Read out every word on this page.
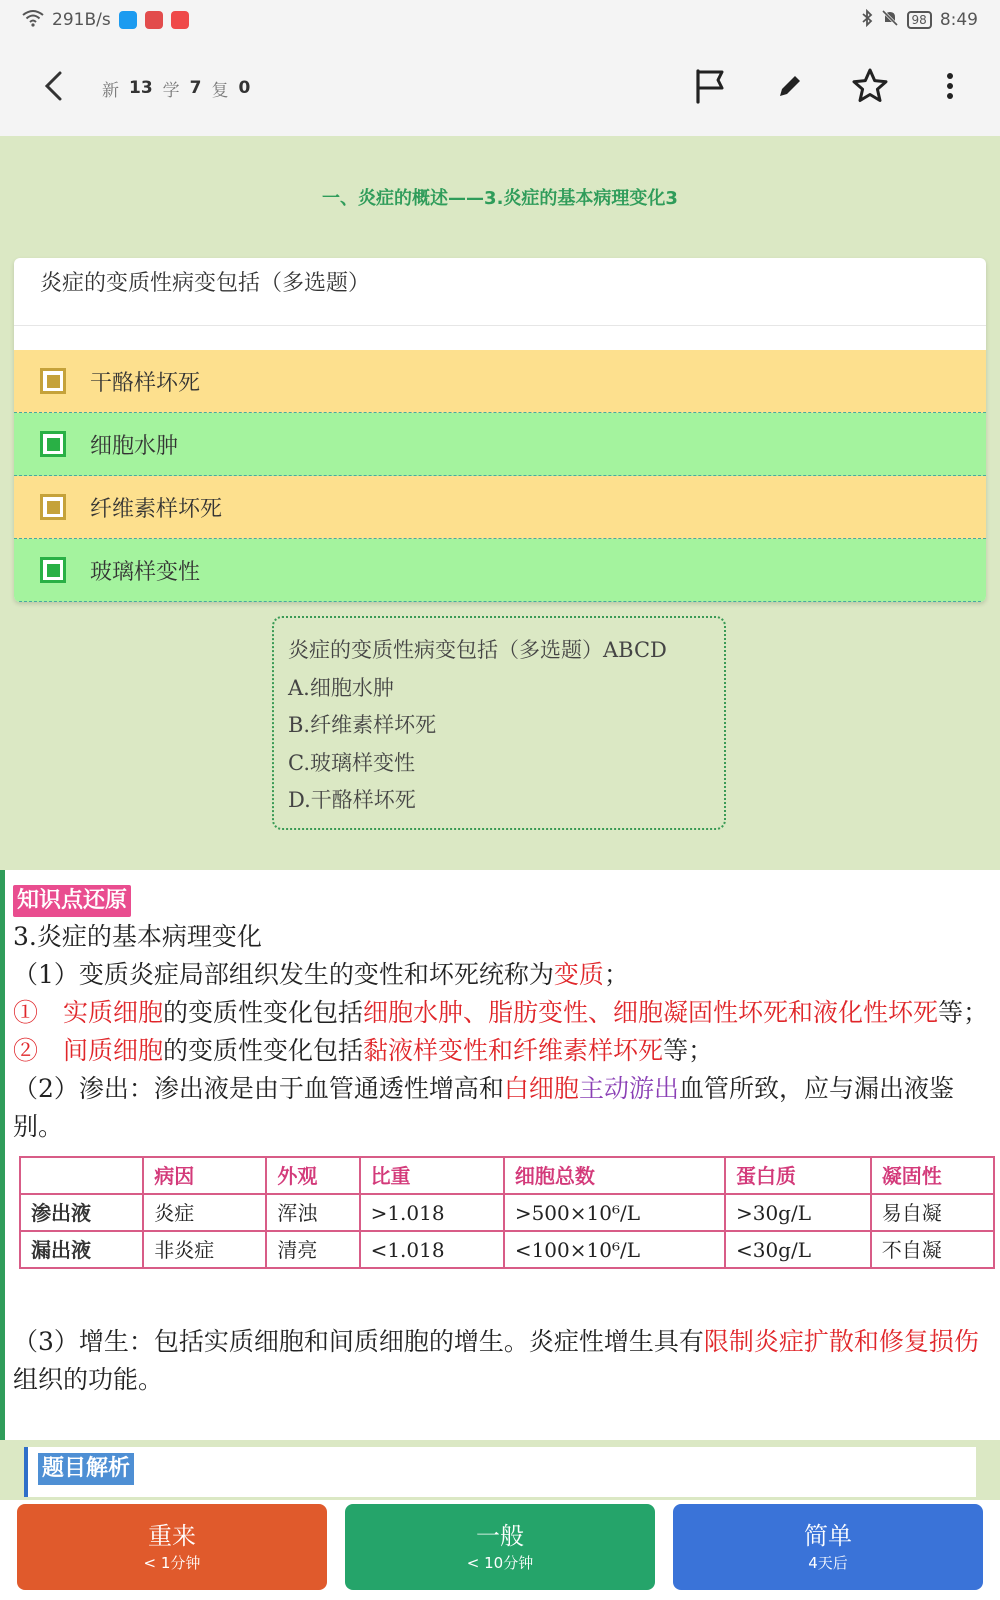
291B/s	98 8:49
新 13 学 7 复 0
一、炎症的概述——3.炎症的基本病理变化3
炎症的变质性病变包括（多选题）
干酪样坏死
细胞水肿
纤维素样坏死
玻璃样变性
炎症的变质性病变包括（多选题）ABCD
A.细胞水肿
B.纤维素样坏死
C.玻璃样变性
D.干酪样坏死
知识点还原
3.炎症的基本病理变化
（1）变质炎症局部组织发生的变性和坏死统称为变质；
①　实质细胞的变质性变化包括细胞水肿、脂肪变性、细胞凝固性坏死和液化性坏死等；
②　间质细胞的变质性变化包括黏液样变性和纤维素样坏死等；
（2）渗出：渗出液是由于血管通透性增高和白细胞主动游出血管所致，应与漏出液鉴别。
	病因	外观	比重	细胞总数	蛋白质	凝固性
渗出液	炎症	浑浊	>1.018	>500×10⁶/L	>30g/L	易自凝
漏出液	非炎症	清亮	<1.018	<100×10⁶/L	<30g/L	不自凝
（3）增生：包括实质细胞和间质细胞的增生。炎症性增生具有限制炎症扩散和修复损伤组织的功能。
题目解析
重来
< 1分钟
一般
< 10分钟
简单
4天后
